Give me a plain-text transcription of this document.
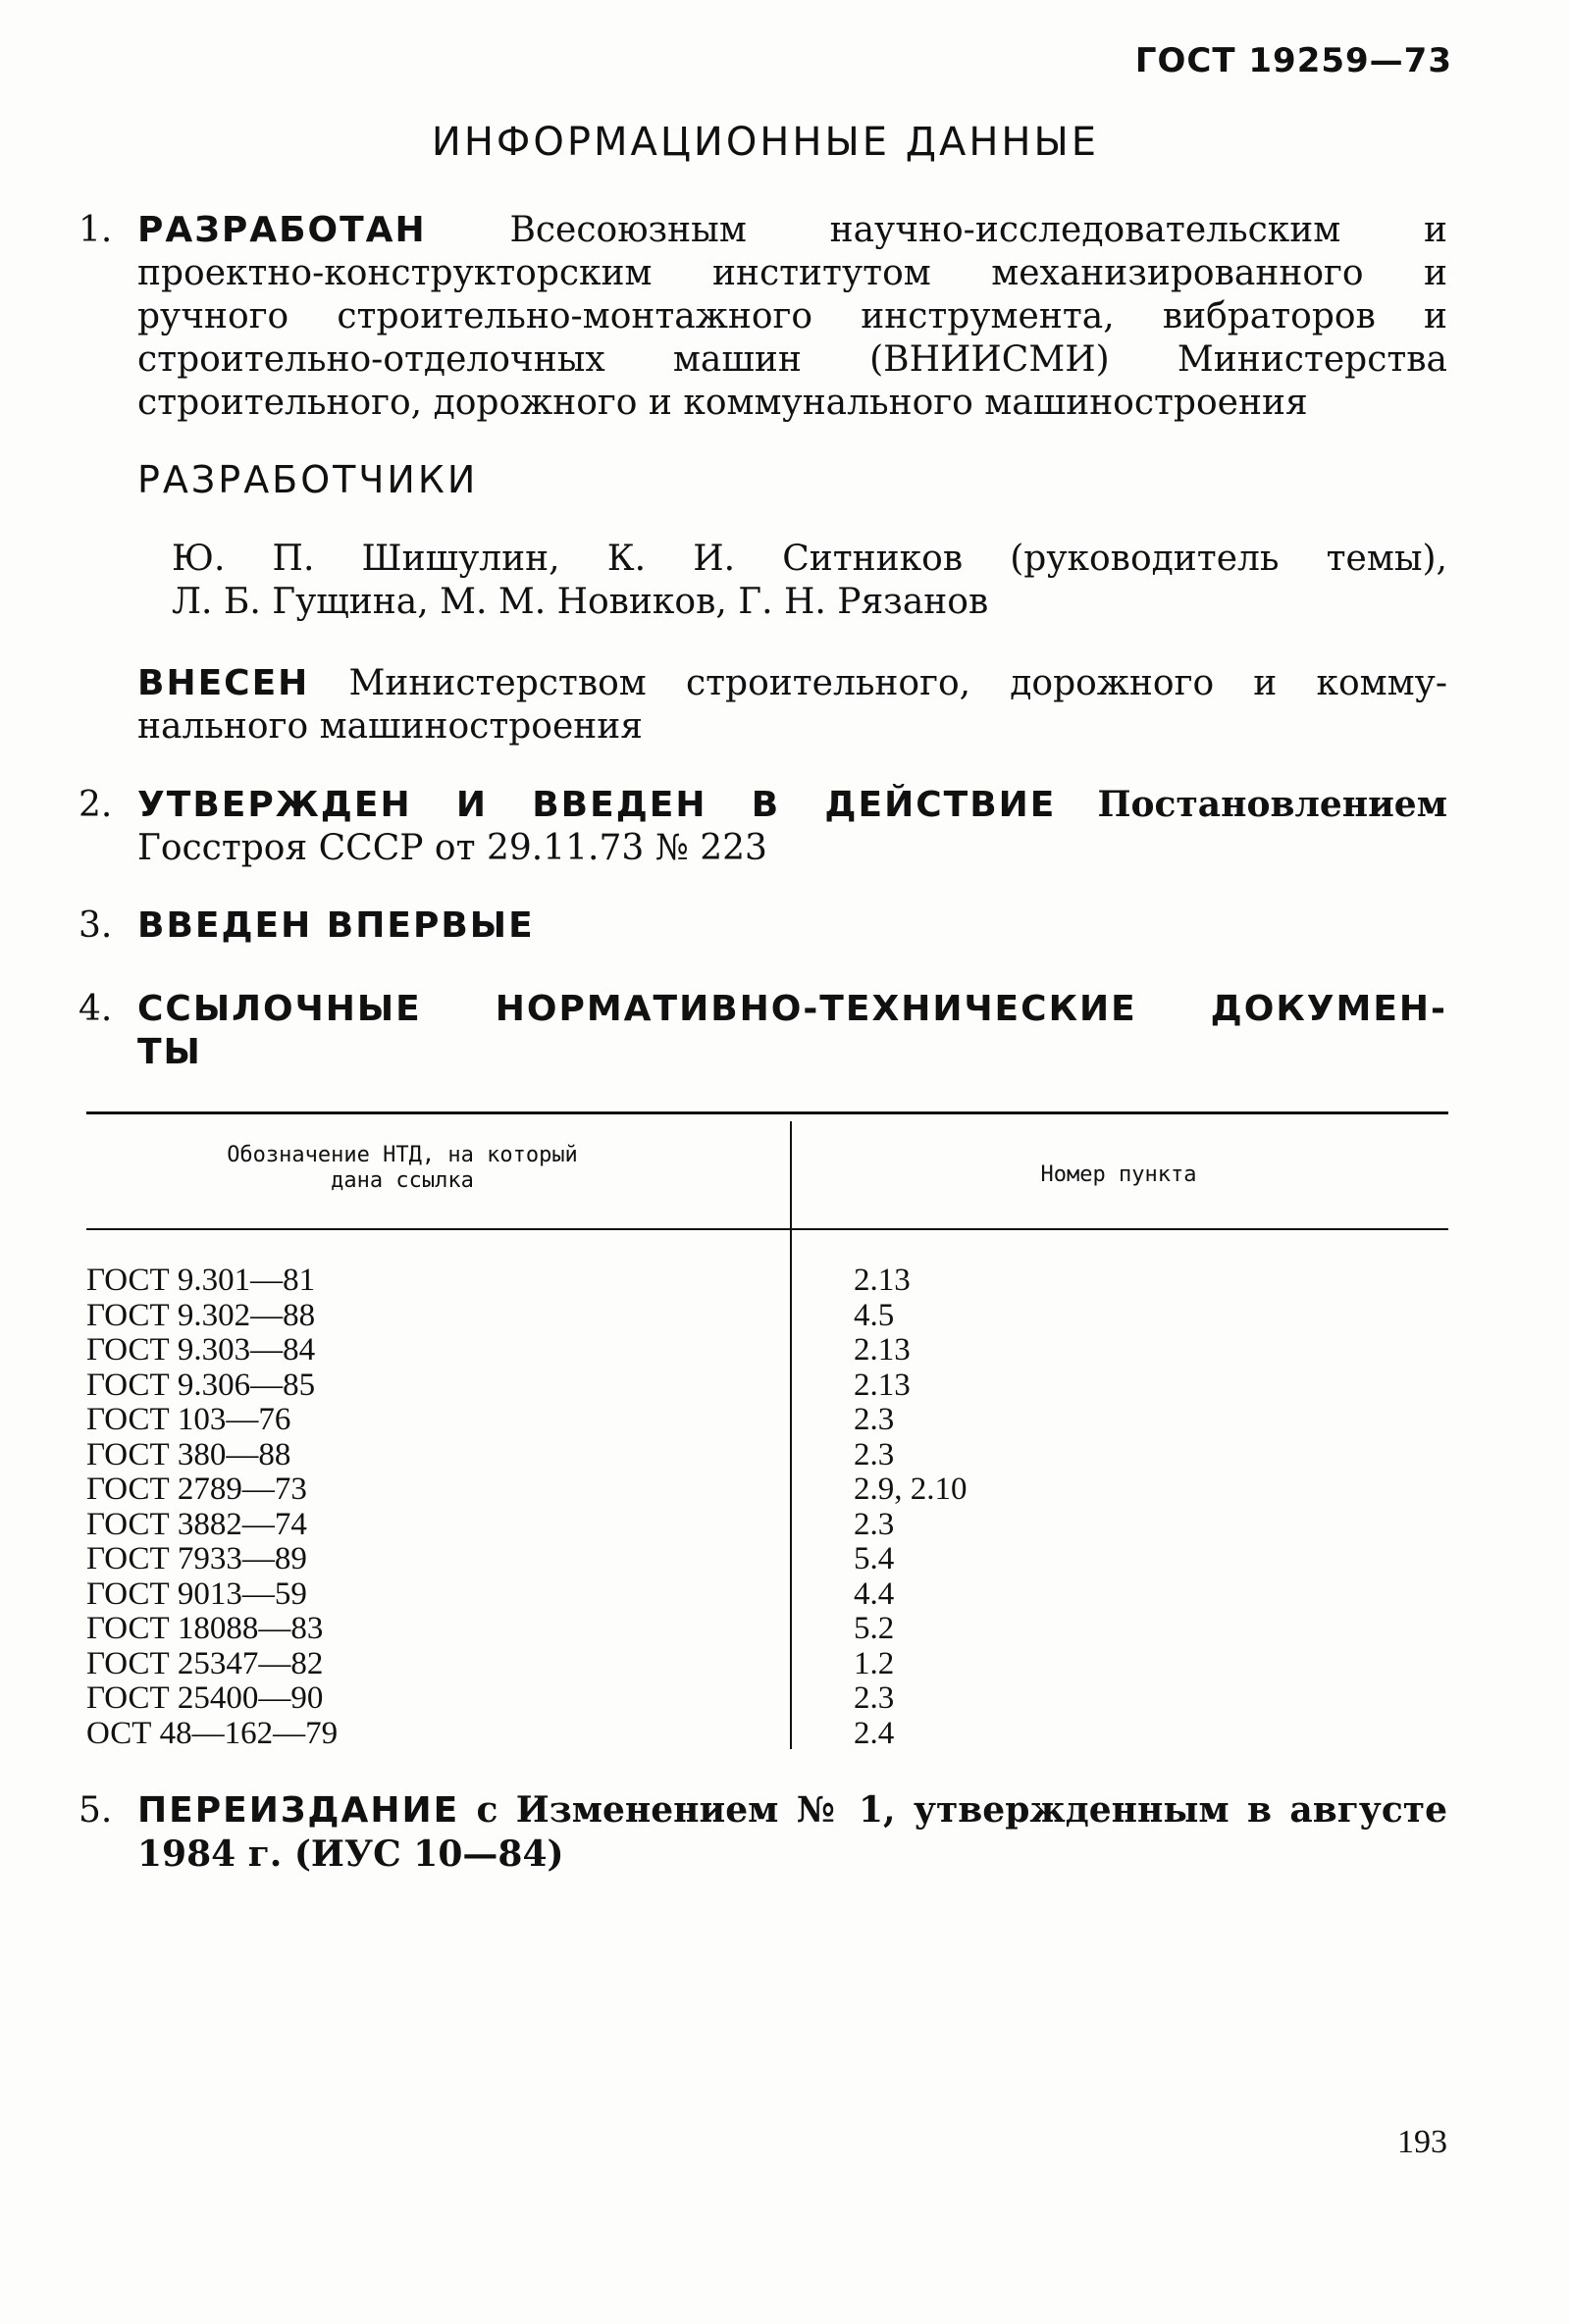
ГОСТ 19259—73
ИНФОРМАЦИОННЫЕ ДАННЫЕ
1. РАЗРАБОТАН Всесоюзным научно-исследовательским и
проектно-конструкторским институтом механизированного и
ручного строительно-монтажного инструмента, вибраторов и
строительно-отделочных машин (ВНИИСМИ) Министерства
строительного, дорожного и коммунального машиностроения
РАЗРАБОТЧИКИ
Ю. П. Шишулин, К. И. Ситников (руководитель темы),
Л. Б. Гущина, М. М. Новиков, Г. Н. Рязанов
ВНЕСЕН Министерством строительного, дорожного и комму-
нального машиностроения
2. УТВЕРЖДЕН И ВВЕДЕН В ДЕЙСТВИЕ Постановлением
Госстроя СССР от 29.11.73 № 223
3. ВВЕДЕН ВПЕРВЫЕ
4. ССЫЛОЧНЫЕ НОРМАТИВНО-ТЕХНИЧЕСКИЕ ДОКУМЕН-
ТЫ
Обозначение НТД, на который
дана ссылка	Номер пункта
ГОСТ 9.301—81
ГОСТ 9.302—88
ГОСТ 9.303—84
ГОСТ 9.306—85
ГОСТ 103—76
ГОСТ 380—88
ГОСТ 2789—73
ГОСТ 3882—74
ГОСТ 7933—89
ГОСТ 9013—59
ГОСТ 18088—83
ГОСТ 25347—82
ГОСТ 25400—90
ОСТ 48—162—79
2.13
4.5
2.13
2.13
2.3
2.3
2.9, 2.10
2.3
5.4
4.4
5.2
1.2
2.3
2.4
5. ПЕРЕИЗДАНИЕ с Изменением № 1, утвержденным в августе
1984 г. (ИУС 10—84)
193
